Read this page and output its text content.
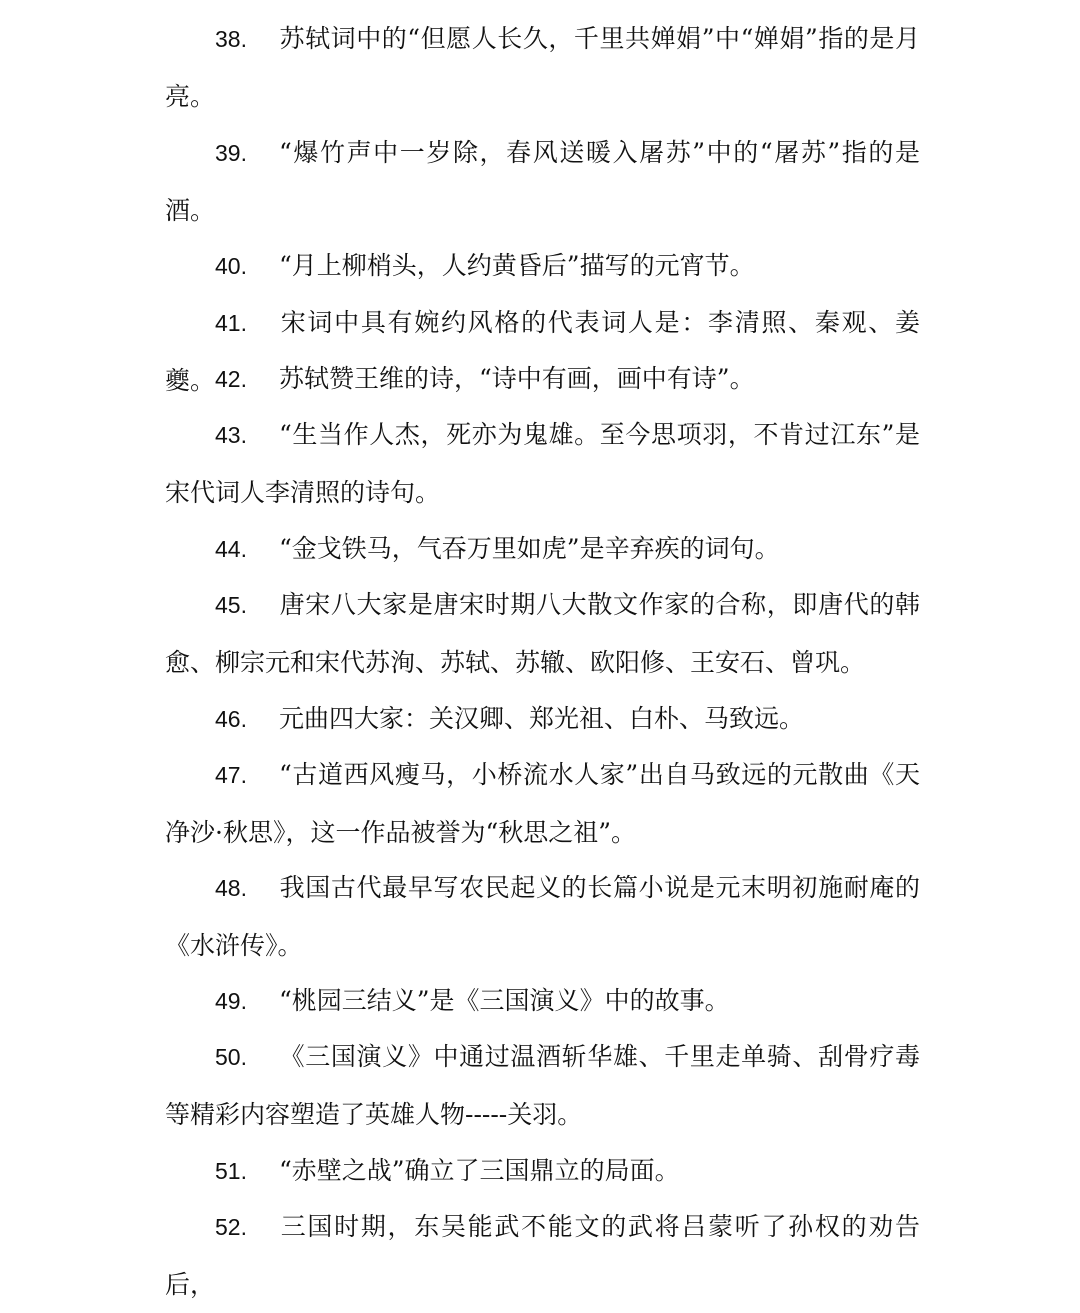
38. 苏轼词中的“但愿人长久，千里共婵娟”中“婵娟”指的是月亮。

39. “爆竹声中一岁除，春风送暖入屠苏”中的“屠苏”指的是酒。

40. “月上柳梢头，人约黄昏后”描写的元宵节。

41. 宋词中具有婉约风格的代表词人是：李清照、秦观、姜夔。 42. 苏轼赞王维的诗，“诗中有画，画中有诗”。

43. “生当作人杰，死亦为鬼雄。至今思项羽，不肯过江东”是宋代词人李清照的诗句。

44. “金戈铁马，气吞万里如虎”是辛弃疾的词句。

45. 唐宋八大家是唐宋时期八大散文作家的合称，即唐代的韩愈、柳宗元和宋代苏洵、苏轼、苏辙、欧阳修、王安石、曾巩。

46. 元曲四大家：关汉卿、郑光祖、白朴、马致远。

47. “古道西风瘦马，小桥流水人家”出自马致远的元散曲《天净沙·秋思》，这一作品被誉为“秋思之祖”。

48. 我国古代最早写农民起义的长篇小说是元末明初施耐庵的《水浒传》。

49. “桃园三结义”是《三国演义》中的故事。

50. 《三国演义》中通过温酒斩华雄、千里走单骑、刮骨疗毒等精彩内容塑造了英雄人物-----关羽。

51. “赤壁之战”确立了三国鼎立的局面。

52. 三国时期，东吴能武不能文的武将吕蒙听了孙权的劝告后，
